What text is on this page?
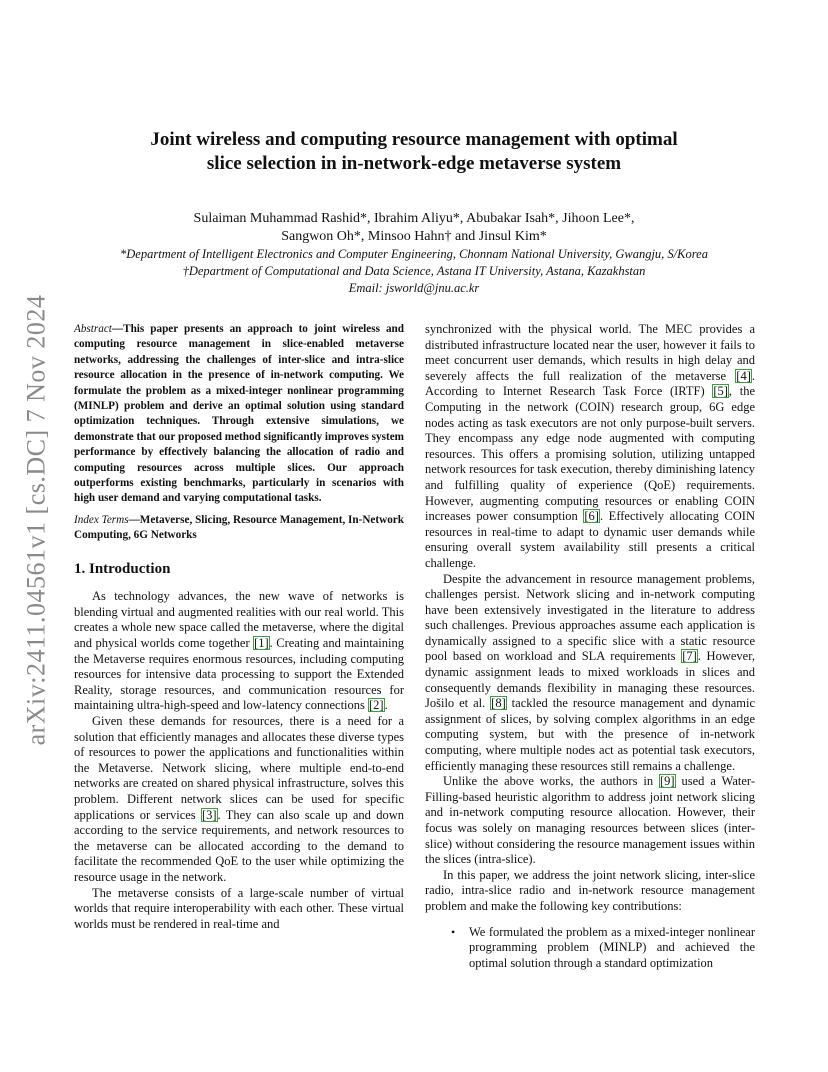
arXiv:2411.04561v1 [cs.DC] 7 Nov 2024
Joint wireless and computing resource management with optimal
slice selection in in-network-edge metaverse system
Sulaiman Muhammad Rashid*, Ibrahim Aliyu*, Abubakar Isah*, Jihoon Lee*,
Sangwon Oh*, Minsoo Hahn† and Jinsul Kim*
*Department of Intelligent Electronics and Computer Engineering, Chonnam National University, Gwangju, S/Korea
†Department of Computational and Data Science, Astana IT University, Astana, Kazakhstan
Email: jsworld@jnu.ac.kr

Abstract—This paper presents an approach to joint wireless and computing resource management in slice-enabled metaverse networks, addressing the challenges of inter-slice and intra-slice resource allocation in the presence of in-network computing. We formulate the problem as a mixed-integer nonlinear programming (MINLP) problem and derive an optimal solution using standard optimization techniques. Through extensive simulations, we demonstrate that our proposed method significantly improves system performance by effectively balancing the allocation of radio and computing resources across multiple slices. Our approach outperforms existing benchmarks, particularly in scenarios with high user demand and varying computational tasks.

Index Terms—Metaverse, Slicing, Resource Management, In-Network Computing, 6G Networks

1. Introduction

As technology advances, the new wave of networks is blending virtual and augmented realities with our real world. This creates a whole new space called the metaverse, where the digital and physical worlds come together [1]. Creating and maintaining the Metaverse requires enormous resources, including computing resources for intensive data processing to support the Extended Reality, storage resources, and communication resources for maintaining ultra-high-speed and low-latency connections [2].

Given these demands for resources, there is a need for a solution that efficiently manages and allocates these diverse types of resources to power the applications and functionalities within the Metaverse. Network slicing, where multiple end-to-end networks are created on shared physical infrastructure, solves this problem. Different network slices can be used for specific applications or services [3]. They can also scale up and down according to the service requirements, and network resources to the metaverse can be allocated according to the demand to facilitate the recommended QoE to the user while optimizing the resource usage in the network.

The metaverse consists of a large-scale number of virtual worlds that require interoperability with each other. These virtual worlds must be rendered in real-time and

synchronized with the physical world. The MEC provides a distributed infrastructure located near the user, however it fails to meet concurrent user demands, which results in high delay and severely affects the full realization of the metaverse [4]. According to Internet Research Task Force (IRTF) [5], the Computing in the network (COIN) research group, 6G edge nodes acting as task executors are not only purpose-built servers. They encompass any edge node augmented with computing resources. This offers a promising solution, utilizing untapped network resources for task execution, thereby diminishing latency and fulfilling quality of experience (QoE) requirements. However, augmenting computing resources or enabling COIN increases power consumption [6]. Effectively allocating COIN resources in real-time to adapt to dynamic user demands while ensuring overall system availability still presents a critical challenge.

Despite the advancement in resource management problems, challenges persist. Network slicing and in-network computing have been extensively investigated in the literature to address such challenges. Previous approaches assume each application is dynamically assigned to a specific slice with a static resource pool based on workload and SLA requirements [7]. However, dynamic assignment leads to mixed workloads in slices and consequently demands flexibility in managing these resources. Jošilo et al. [8] tackled the resource management and dynamic assignment of slices, by solving complex algorithms in an edge computing system, but with the presence of in-network computing, where multiple nodes act as potential task executors, efficiently managing these resources still remains a challenge.

Unlike the above works, the authors in [9] used a Water-Filling-based heuristic algorithm to address joint network slicing and in-network computing resource allocation. However, their focus was solely on managing resources between slices (inter-slice) without considering the resource management issues within the slices (intra-slice).

In this paper, we address the joint network slicing, inter-slice radio, intra-slice radio and in-network resource management problem and make the following key contributions:

• We formulated the problem as a mixed-integer nonlinear programming problem (MINLP) and achieved the optimal solution through a standard optimization
